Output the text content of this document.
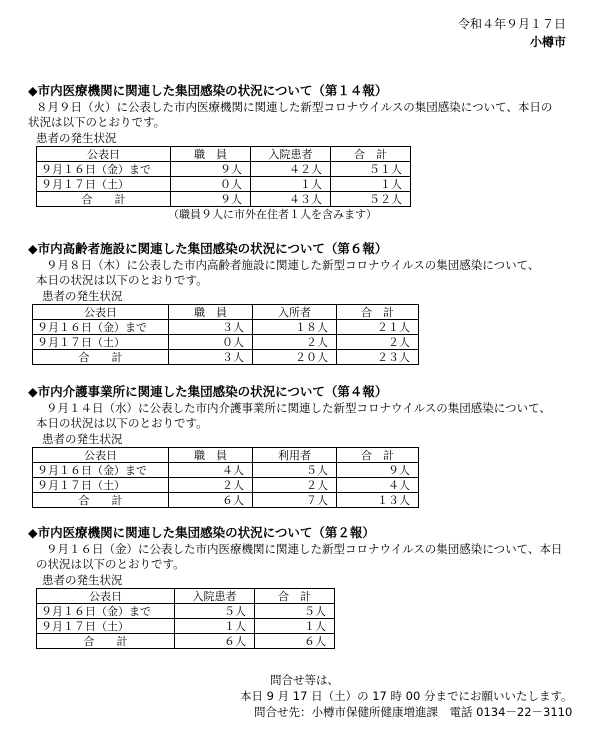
令和４年９月１７日
小樽市
◆市内医療機関に関連した集団感染の状況について（第１４報）

８月９日（火）に公表した市内医療機関に関連した新型コロナウイルスの集団感染について、本日の

状況は以下のとおりです。

患者の発生状況
公表日	職　員	入院患者	合　計
９月１６日（金）まで	９人	４２人	５１人
９月１７日（土）	０人	１人	１人
合　　計	９人	４３人	５２人
（職員９人に市外在住者１人を含みます）
◆市内高齢者施設に関連した集団感染の状況について（第６報）

９月８日（木）に公表した市内高齢者施設に関連した新型コロナウイルスの集団感染について、

本日の状況は以下のとおりです。

患者の発生状況
公表日	職　員	入所者	合　計
９月１６日（金）まで	３人	１８人	２１人
９月１７日（土）	０人	２人	２人
合　　計	３人	２０人	２３人
◆市内介護事業所に関連した集団感染の状況について（第４報）

９月１４日（水）に公表した市内介護事業所に関連した新型コロナウイルスの集団感染について、

本日の状況は以下のとおりです。

患者の発生状況
公表日	職　員	利用者	合　計
９月１６日（金）まで	４人	５人	９人
９月１７日（土）	２人	２人	４人
合　　計	６人	７人	１３人
◆市内医療機関に関連した集団感染の状況について（第２報）

９月１６日（金）に公表した市内医療機関に関連した新型コロナウイルスの集団感染について、本日

の状況は以下のとおりです。

患者の発生状況
公表日	入院患者	合　計
９月１６日（金）まで	５人	５人
９月１７日（土）	１人	１人
合　　計	６人	６人
問合せ等は、
本日 9 月 17 日（土）の 17 時 00 分までにお願いいたします。
問合せ先：小樽市保健所健康増進課　電話 0134－22－3110
